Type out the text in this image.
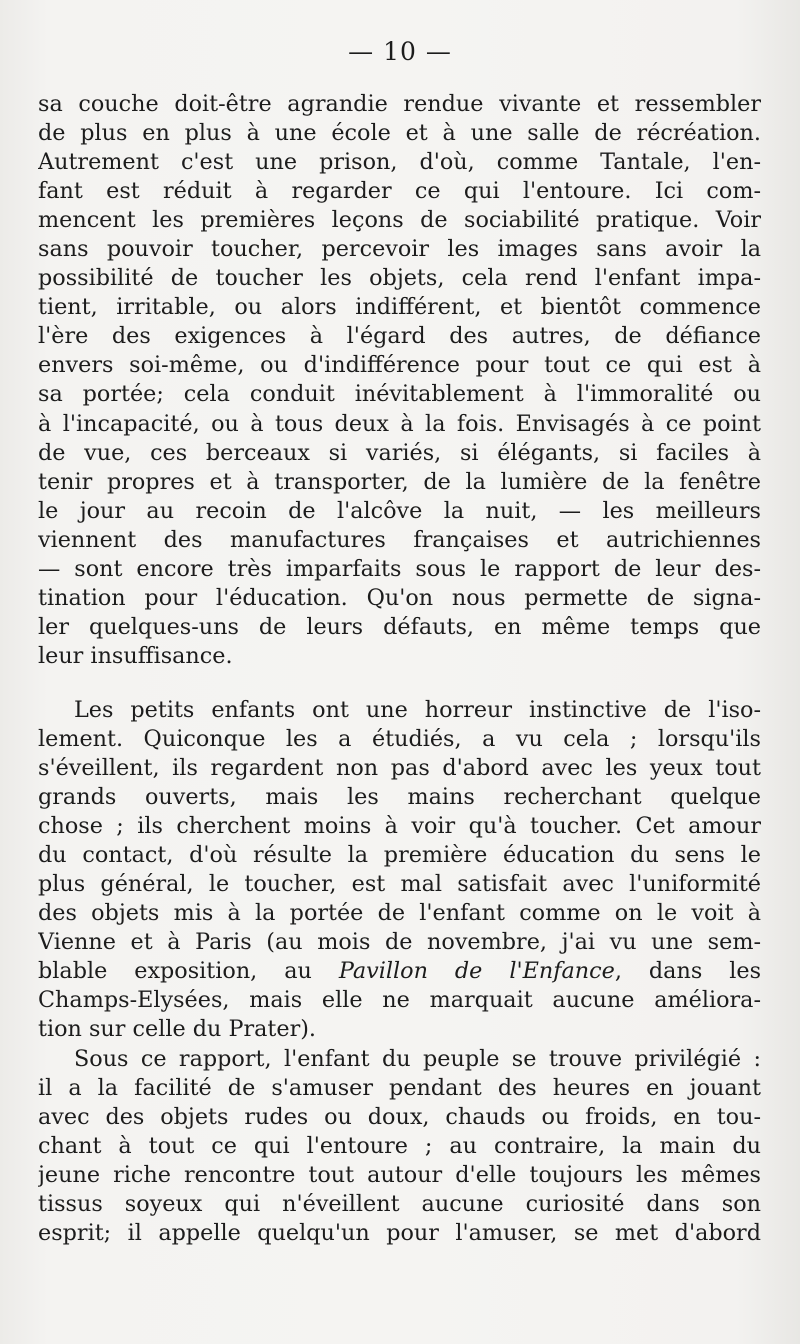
— 10 —
sa couche doit-être agrandie rendue vivante et ressembler
de plus en plus à une école et à une salle de récréation.
Autrement c'est une prison, d'où, comme Tantale, l'en-
fant est réduit à regarder ce qui l'entoure. Ici com-
mencent les premières leçons de sociabilité pratique. Voir
sans pouvoir toucher, percevoir les images sans avoir la
possibilité de toucher les objets, cela rend l'enfant impa-
tient, irritable, ou alors indifférent, et bientôt commence
l'ère des exigences à l'égard des autres, de défiance
envers soi-même, ou d'indifférence pour tout ce qui est à
sa portée; cela conduit inévitablement à l'immoralité ou
à l'incapacité, ou à tous deux à la fois. Envisagés à ce point
de vue, ces berceaux si variés, si élégants, si faciles à
tenir propres et à transporter, de la lumière de la fenêtre
le jour au recoin de l'alcôve la nuit, — les meilleurs
viennent des manufactures françaises et autrichiennes
— sont encore très imparfaits sous le rapport de leur des-
tination pour l'éducation. Qu'on nous permette de signa-
ler quelques-uns de leurs défauts, en même temps que
leur insuffisance.
Les petits enfants ont une horreur instinctive de l'iso-
lement. Quiconque les a étudiés, a vu cela ; lorsqu'ils
s'éveillent, ils regardent non pas d'abord avec les yeux tout
grands ouverts, mais les mains recherchant quelque
chose ; ils cherchent moins à voir qu'à toucher. Cet amour
du contact, d'où résulte la première éducation du sens le
plus général, le toucher, est mal satisfait avec l'uniformité
des objets mis à la portée de l'enfant comme on le voit à
Vienne et à Paris (au mois de novembre, j'ai vu une sem-
blable exposition, au Pavillon de l'Enfance, dans les
Champs-Elysées, mais elle ne marquait aucune améliora-
tion sur celle du Prater).
Sous ce rapport, l'enfant du peuple se trouve privilégié :
il a la facilité de s'amuser pendant des heures en jouant
avec des objets rudes ou doux, chauds ou froids, en tou-
chant à tout ce qui l'entoure ; au contraire, la main du
jeune riche rencontre tout autour d'elle toujours les mêmes
tissus soyeux qui n'éveillent aucune curiosité dans son
esprit; il appelle quelqu'un pour l'amuser, se met d'abord
